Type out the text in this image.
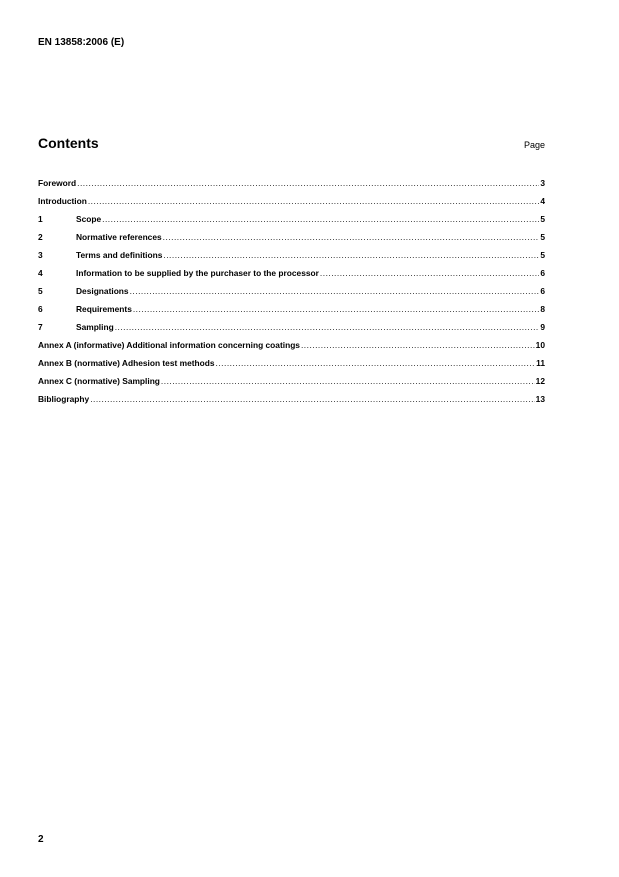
EN 13858:2006 (E)
Contents	Page
Foreword .....	3
Introduction .....	4
1	Scope .....	5
2	Normative references .....	5
3	Terms and definitions .....	5
4	Information to be supplied by the purchaser to the processor .....	6
5	Designations .....	6
6	Requirements .....	8
7	Sampling .....	9
Annex A (informative) Additional information concerning coatings .....	10
Annex B (normative) Adhesion test methods .....	11
Annex C (normative) Sampling .....	12
Bibliography .....	13
2
